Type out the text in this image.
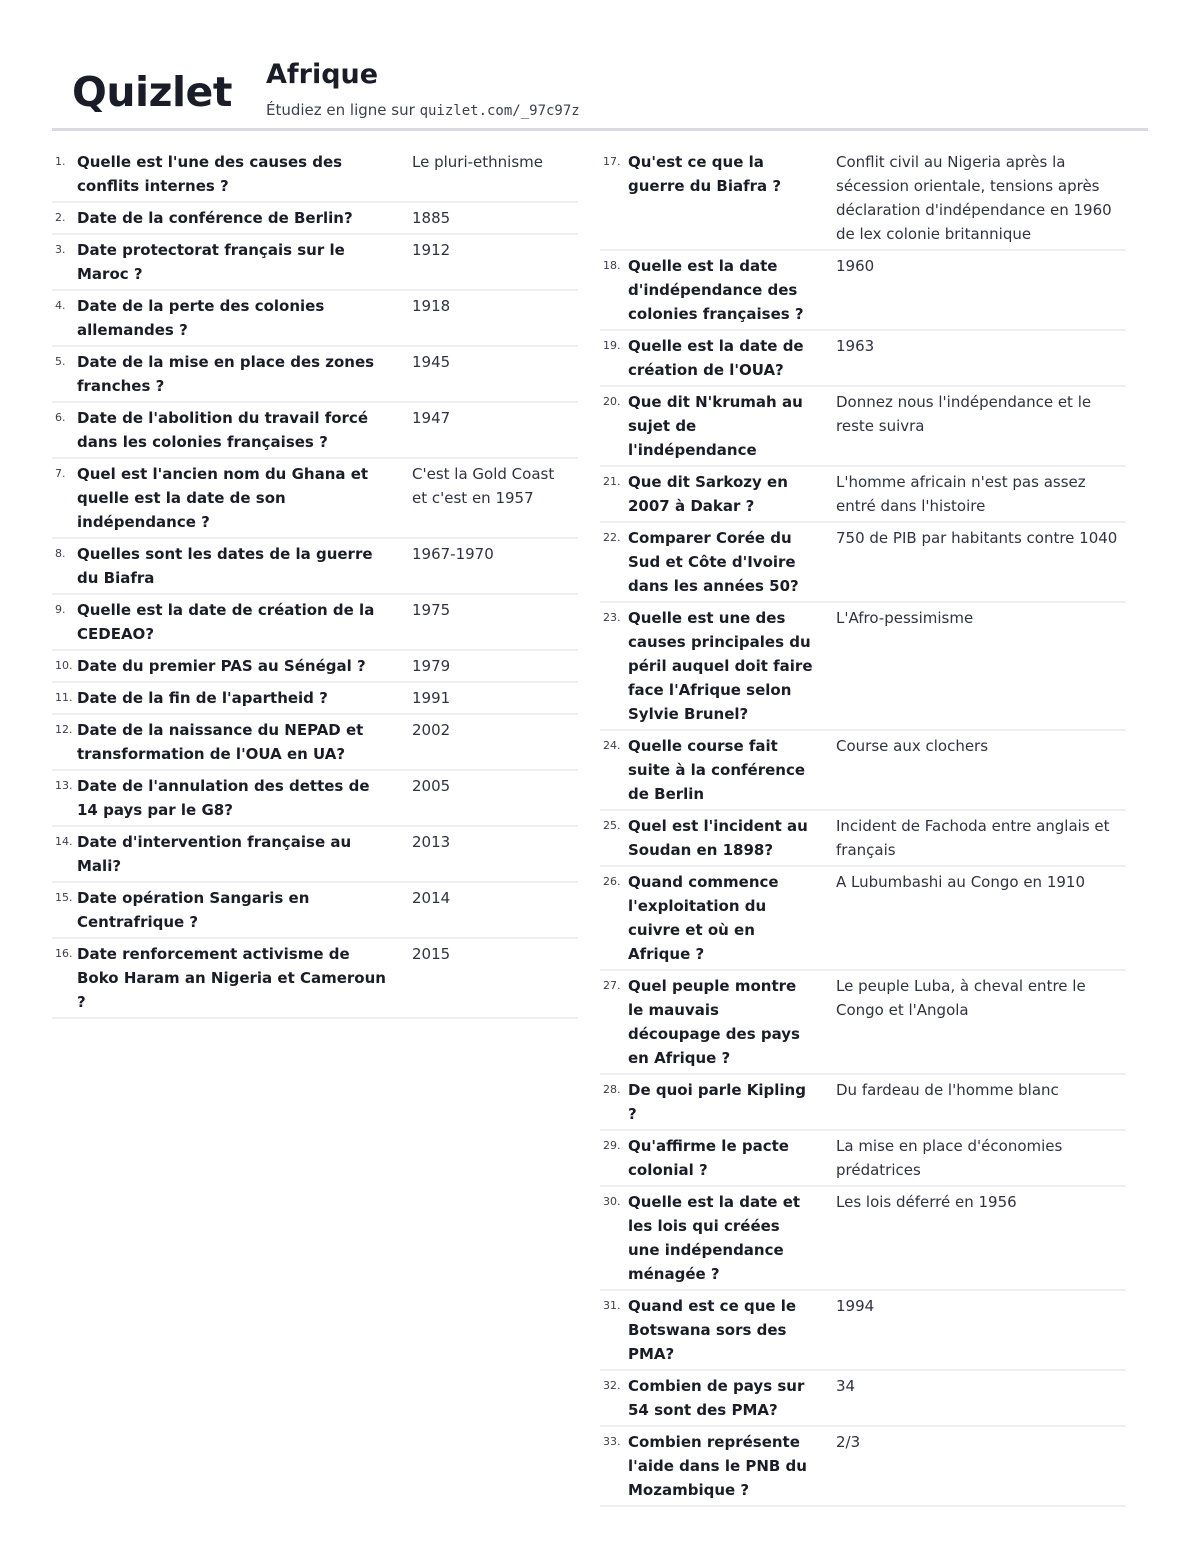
Quizlet Afrique
Étudiez en ligne sur quizlet.com/_97c97z
1. Quelle est l'une des causes des conflits internes ?
Le pluri-ethnisme
2. Date de la conférence de Berlin?	1885
3. Date protectorat français sur le Maroc ?
1912
4. Date de la perte des colonies allemandes ?
1918
5. Date de la mise en place des zones franches ?
1945
6. Date de l'abolition du travail forcé dans les colonies françaises ?
1947
7. Quel est l'ancien nom du Ghana et quelle est la date de son indépendance ?
C'est la Gold Coast et c'est en 1957
8. Quelles sont les dates de la guerre du Biafra
1967-1970
9. Quelle est la date de création de la CEDEAO?
1975
10. Date du premier PAS au Sénégal ?	1979
11. Date de la fin de l'apartheid ?	1991
12. Date de la naissance du NEPAD et transformation de l'OUA en UA?
2002
13. Date de l'annulation des dettes de 14 pays par le G8?
2005
14. Date d'intervention française au Mali?
2013
15. Date opération Sangaris en Centrafrique ?
2014
16. Date renforcement activisme de Boko Haram an Nigeria et Cameroun ?
2015
17. Qu'est ce que la guerre du Biafra ?
Conflit civil au Nigeria après la sécession orientale, tensions après déclaration d'indépendance en 1960 de lex colonie britannique
18. Quelle est la date d'indépendance des colonies françaises ?
1960
19. Quelle est la date de création de l'OUA?
1963
20. Que dit N'krumah au sujet de l'indépendance
Donnez nous l'indépendance et le reste suivra
21. Que dit Sarkozy en 2007 à Dakar ?
L'homme africain n'est pas assez entré dans l'histoire
22. Comparer Corée du Sud et Côte d'Ivoire dans les années 50?
750 de PIB par habitants contre 1040
23. Quelle est une des causes principales du péril auquel doit faire face l'Afrique selon Sylvie Brunel?
L'Afro-pessimisme
24. Quelle course fait suite à la conférence de Berlin
Course aux clochers
25. Quel est l'incident au Soudan en 1898?
Incident de Fachoda entre anglais et français
26. Quand commence l'exploitation du cuivre et où en Afrique ?
A Lubumbashi au Congo en 1910
27. Quel peuple montre le mauvais découpage des pays en Afrique ?
Le peuple Luba, à cheval entre le Congo et l'Angola
28. De quoi parle Kipling ?
Du fardeau de l'homme blanc
29. Qu'affirme le pacte colonial ?
La mise en place d'économies prédatrices
30. Quelle est la date et les lois qui créées une indépendance ménagée ?
Les lois déferré en 1956
31. Quand est ce que le Botswana sors des PMA?
1994
32. Combien de pays sur 54 sont des PMA?
34
33. Combien représente l'aide dans le PNB du Mozambique ?
2/3
